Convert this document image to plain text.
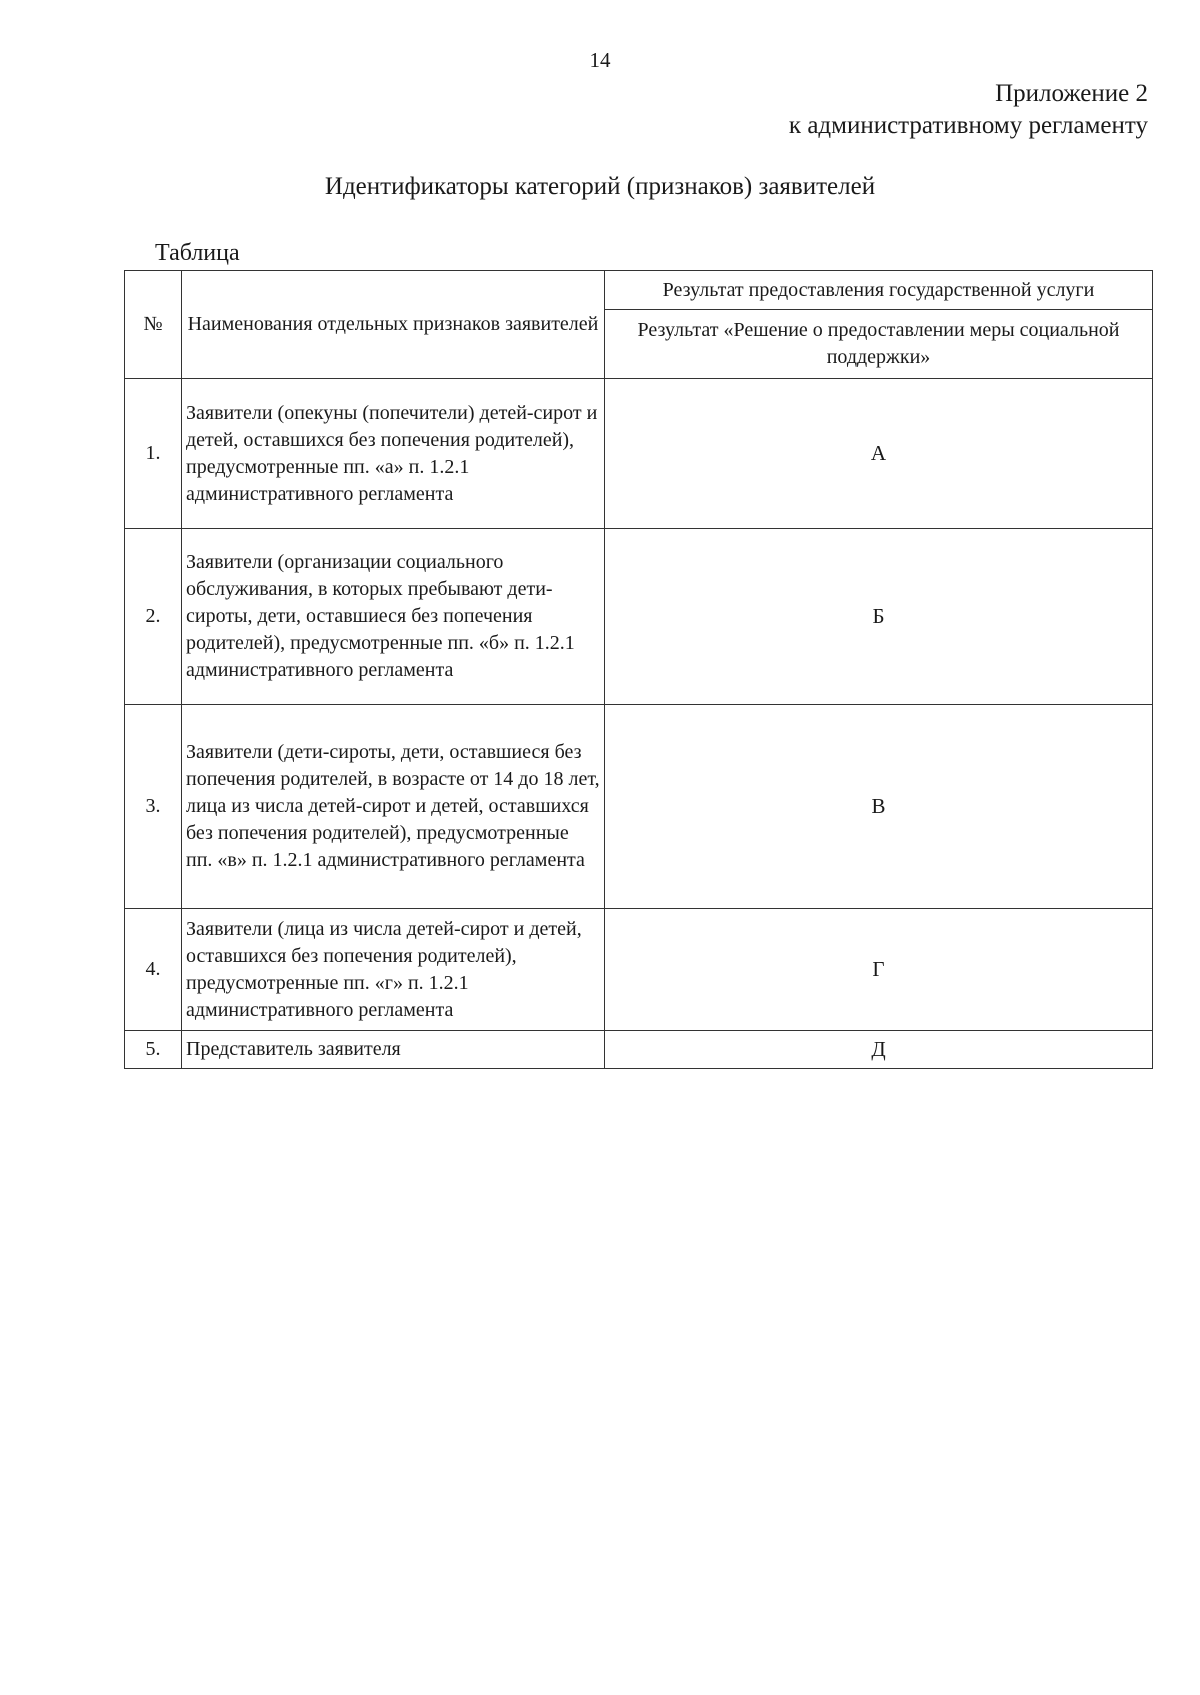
14
Приложение 2
к административному регламенту
Идентификаторы категорий (признаков) заявителей
Таблица
№	Наименования отдельных признаков заявителей	Результат предоставления государственной услуги
		Результат «Решение о предоставлении меры социальной поддержки»
1.	Заявители (опекуны (попечители) детей-сирот и детей, оставшихся без попечения родителей), предусмотренные пп. «а» п. 1.2.1 административного регламента	А
2.	Заявители (организации социального обслуживания, в которых пребывают дети-сироты, дети, оставшиеся без попечения родителей), предусмотренные пп. «б» п. 1.2.1 административного регламента	Б
3.	Заявители (дети-сироты, дети, оставшиеся без попечения родителей, в возрасте от 14 до 18 лет, лица из числа детей-сирот и детей, оставшихся без попечения родителей), предусмотренные пп. «в» п. 1.2.1 административного регламента	В
4.	Заявители (лица из числа детей-сирот и детей, оставшихся без попечения родителей), предусмотренные пп. «г» п. 1.2.1 административного регламента	Г
5.	Представитель заявителя	Д
